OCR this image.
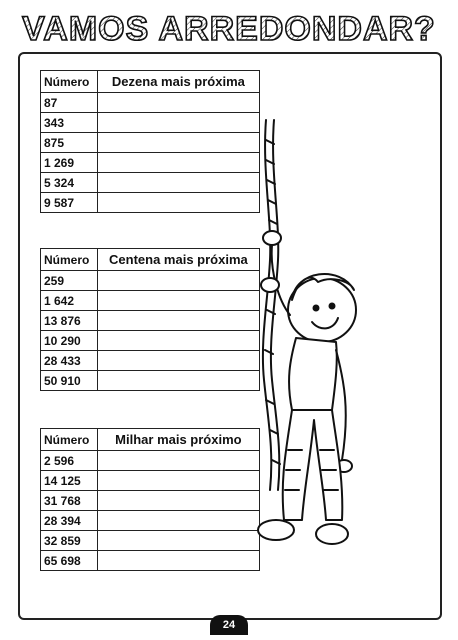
VAMOS ARREDONDAR?
Número	Dezena mais próxima
87	
343	
875	
1 269	
5 324	
9 587	
Número	Centena mais próxima
259	
1 642	
13 876	
10 290	
28 433	
50 910	
Número	Milhar mais próximo
2 596	
14 125	
31 768	
28 394	
32 859	
65 698	
24
